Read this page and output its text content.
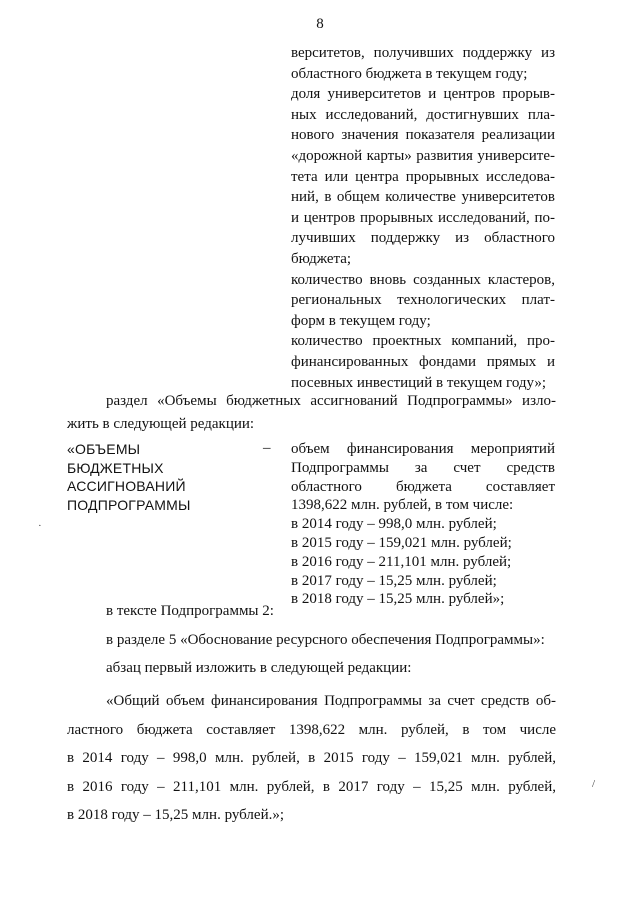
8
верситетов, получивших поддержку из
областного бюджета в текущем году;
доля университетов и центров прорыв-
ных исследований, достигнувших пла-
нового значения показателя реализации
«дорожной карты» развития университе-
тета или центра прорывных исследова-
ний, в общем количестве университетов
и центров прорывных исследований, по-
лучивших поддержку из областного
бюджета;
количество вновь созданных кластеров,
региональных технологических плат-
форм в текущем году;
количество проектных компаний, про-
финансированных фондами прямых и
посевных инвестиций в текущем году»;
раздел «Объемы бюджетных ассигнований Подпрограммы» изло-
жить в следующей редакции:
«ОБЪЕМЫ
БЮДЖЕТНЫХ
АССИГНОВАНИЙ
ПОДПРОГРАММЫ
– объем финансирования мероприятий
Подпрограммы за счет средств
областного бюджета составляет
1398,622 млн. рублей, в том числе:
в 2014 году – 998,0 млн. рублей;
в 2015 году – 159,021 млн. рублей;
в 2016 году – 211,101 млн. рублей;
в 2017 году – 15,25 млн. рублей;
в 2018 году – 15,25 млн. рублей»;
в тексте Подпрограммы 2:
в разделе 5 «Обоснование ресурсного обеспечения Подпрограммы»:
абзац первый изложить в следующей редакции:
«Общий объем финансирования Подпрограммы за счет средств об-
ластного бюджета составляет 1398,622 млн. рублей, в том числе
в 2014 году – 998,0 млн. рублей, в 2015 году – 159,021 млн. рублей,
в 2016 году – 211,101 млн. рублей, в 2017 году – 15,25 млн. рублей,
в 2018 году – 15,25 млн. рублей.»;
/
·
